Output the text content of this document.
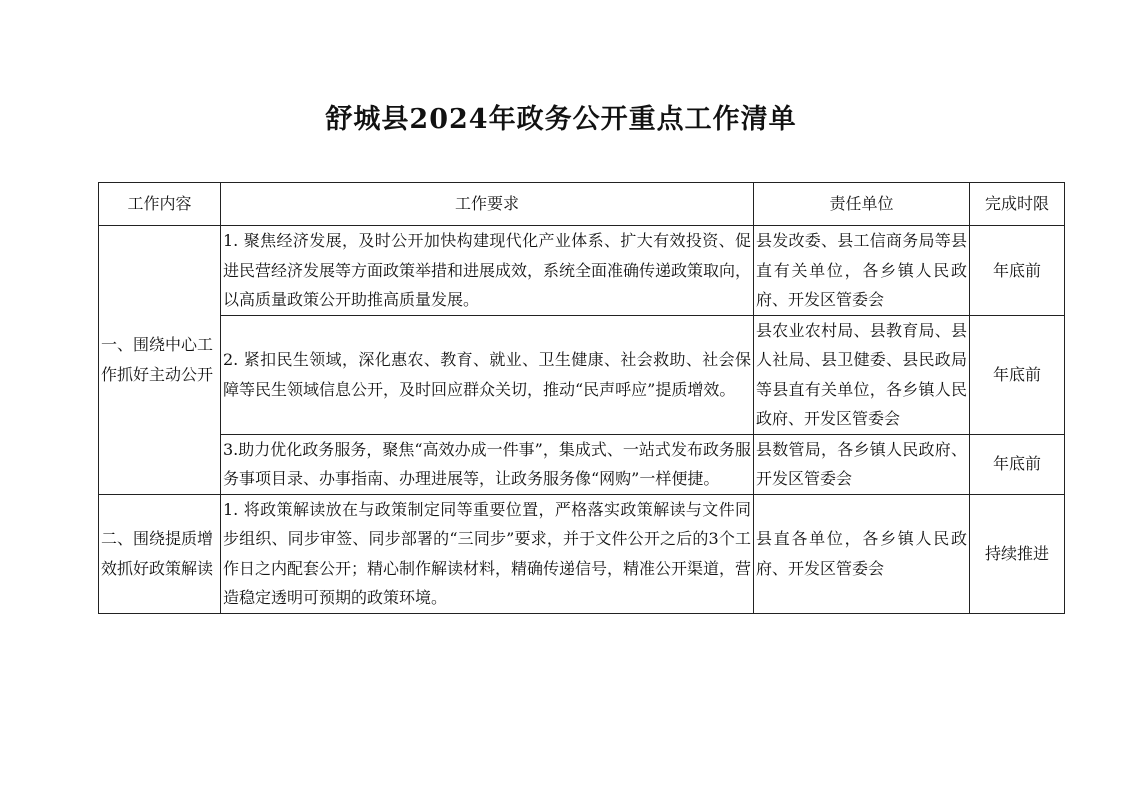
舒城县2024年政务公开重点工作清单
工作内容	工作要求	责任单位	完成时限
一、围绕中心工作抓好主动公开	1. 聚焦经济发展，及时公开加快构建现代化产业体系、扩大有效投资、促进民营经济发展等方面政策举措和进展成效，系统全面准确传递政策取向，以高质量政策公开助推高质量发展。	县发改委、县工信商务局等县直有关单位，各乡镇人民政府、开发区管委会	年底前
	2. 紧扣民生领域，深化惠农、教育、就业、卫生健康、社会救助、社会保障等民生领域信息公开，及时回应群众关切，推动“民声呼应”提质增效。	县农业农村局、县教育局、县人社局、县卫健委、县民政局等县直有关单位，各乡镇人民政府、开发区管委会	年底前
	3.助力优化政务服务，聚焦“高效办成一件事”，集成式、一站式发布政务服务事项目录、办事指南、办理进展等，让政务服务像“网购”一样便捷。	县数管局，各乡镇人民政府、开发区管委会	年底前
二、围绕提质增效抓好政策解读	1. 将政策解读放在与政策制定同等重要位置，严格落实政策解读与文件同步组织、同步审签、同步部署的“三同步”要求，并于文件公开之后的3个工作日之内配套公开；精心制作解读材料，精确传递信号，精准公开渠道，营造稳定透明可预期的政策环境。	县直各单位，各乡镇人民政府、开发区管委会	持续推进
